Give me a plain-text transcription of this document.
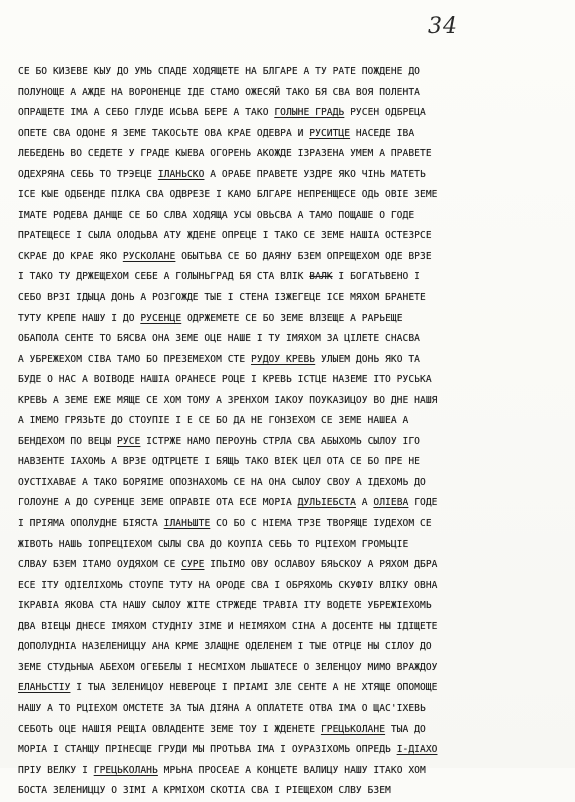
34
СЕ БО КИЗЕВЕ КЫУ ДО УМЬ СПАДЕ ХОДЯЩЕТЕ НА БЛГАРЕ А ТУ РАТЕ ПОЖДЕНЕ ДО
ПОЛУНОЩЕ А АЖДЕ НА ВОРОНЕНЦЕ ІДЕ СТАМО ОЖЕСЯЙ ТАКО БЯ СВА ВОЯ ПОЛЕНТА
ОПРАЩЕТЕ ІМА А СЕБО ГЛУДЕ ИСЬВА БЕРЕ А ТАКО ГОЛЫНЕ ГРАДЬ РУСЕН ОДБРЕЦА
ОПЕТЕ СВА ОДОНЕ Я ЗЕМЕ ТАКОСЬТЕ ОВА КРАЕ ОДЕВРА И РУСИТЦЕ НАСЕДЕ ІВА
ЛЕБЕДЕНЬ ВО СЕДЕТЕ У ГРАДЕ КЫЕВА ОГОРЕНЬ АКОЖДЕ ІЗРАЗЕНА УМЕМ А ПРАВЕТЕ
ОДЕХРЯНА СЕБЬ ТО ТРЭЕЦЕ ІЛАНЬСКО А ОРАБЕ ПРАВЕТЕ УЗДРЕ ЯКО ЧІНЬ МАТЕТЬ
ІСЕ КЫЕ ОДБЕНДЕ ПІЛКА СВА ОДВРЕЗЕ І КАМО БЛГАРЕ НЕПРЕНЩЕСЕ ОДЬ ОВІЕ ЗЕМЕ
ІМАТЕ РОДЕВА ДАНЩЕ СЕ БО СЛВА ХОДЯЩА УСЫ ОВЬСВА А ТАМО ПОЩАШЕ О ГОДЕ
ПРАТЕЩЕСЕ І СЫЛА ОЛОДЬВА АТУ ЖДЕНЕ ОПРЕЦЕ І ТАКО СЕ ЗЕМЕ НАШІА ОСТЕЗРСЕ
СКРАЕ ДО КРАЕ ЯКО РУСКОЛАНЕ ОБЫТЬВА СЕ БО ДАЯНУ БЗЕМ ОПРЕЩЕХОМ ОДЕ ВРЗЕ
І ТАКО ТУ ДРЖЕЩЕХОМ СЕБЕ А ГОЛЫНЬГРАД БЯ СТА ВЛІК ВАЛК І БОГАТЬВЕНО І
СЕБО ВРЗІ ІДЫЦА ДОНЬ А РОЗГОЖДЕ ТЫЕ І СТЕНА ІЗЖЕГЕЦЕ ІСЕ МЯХОМ БРАНЕТЕ
ТУТУ КРЕПЕ НАШУ І ДО РУСЕНЦЕ ОДРЖЕМЕТЕ СЕ БО ЗЕМЕ ВЛЗЕЩЕ А РАРЬЕЩЕ
ОБАПОЛА СЕНТЕ ТО БЯСВА ОНА ЗЕМЕ ОЦЕ НАШЕ І ТУ ІМЯХОМ ЗА ЦІЛЕТЕ СНАСВА
А УБРЕЖЕХОМ СІВА ТАМО БО ПРЕЗЕМЕХОМ СТЕ РУДОУ КРЕВЬ УЛЫЕМ ДОНЬ ЯКО ТА
БУДЕ О НАС А ВОІВОДЕ НАШІА ОРАНЕСЕ РОЦЕ І КРЕВЬ ІСТЦЕ НАЗЕМЕ ІТО РУСЬКА
КРЕВЬ А ЗЕМЕ ЕЖЕ МЯЩЕ СЕ ХОМ ТОМУ А ЗРЕНХОМ ІАКОУ ПОУКАЗИЦОУ ВО ДНЕ НАШЯ
А ІМЕМО ГРЯЗЬТЕ ДО СТОУПІЕ І Е СЕ БО ДА НЕ ГОНЗЕХОМ СЕ ЗЕМЕ НАШЕА А
БЕНДЕХОМ ПО ВЕЦЫ РУСЕ ІСТРЖЕ НАМО ПЕРОУНЬ СТРЛА СВА АБЫХОМЬ СЫЛОУ ІГО
НАВЗЕНТЕ ІАХОМЬ А ВРЗЕ ОДТРЦЕТЕ І БЯЩЬ ТАКО ВІЕК ЦЕЛ ОТА СЕ БО ПРЕ НЕ
ОУСТІХАВАЕ А ТАКО БОРЯІМЕ ОПОЗНАХОМЬ СЕ НА ОНА СЫЛОУ СВОУ А ІДЕХОМЬ ДО
ГОЛОУНЕ А ДО СУРЕНЦЕ ЗЕМЕ ОПРАВІЕ ОТА ЕСЕ МОРІА ДУЛЬІЕБСТА А ОЛІЕВА ГОДЕ
І ПРІЯМА ОПОЛУДНЕ БІЯСТА ІЛАНЬШТЕ СО БО С НІЕМА ТРЗЕ ТВОРЯЩЕ ІУДЕХОМ СЕ
ЖІВОТЬ НАШЬ ІОПРЕЦІЕХОМ СЫЛЫ СВА ДО КОУПІА СЕБЬ ТО РЦІЕХОМ ГРОМЬЦІЕ
СЛВАУ БЗЕМ ІТАМО ОУДЯХОМ СЕ СУРЕ ІПЬІМО ОВУ ОСЛАВОУ БЯЬСКОУ А РЯХОМ ДБРА
ЕСЕ ІТУ ОДІЕЛІХОМЬ СТОУПЕ ТУТУ НА ОРОДЕ СВА І ОБРЯХОМЬ СКУФІУ ВЛІКУ ОВНА
ІКРАВІА ЯКОВА СТА НАШУ СЫЛОУ ЖІТЕ СТРЖЕДЕ ТРАВІА ІТУ ВОДЕТЕ УБРЕЖІЕХОМЬ
ДВА ВІЕЦЫ ДНЕСЕ ІМЯХОМ СТУДНІУ ЗІМЕ И НЕІМЯХОМ СІНА А ДОСЕНТЕ НЫ ІДІЩЕТЕ
ДОПОЛУДНІА НАЗЕЛЕНИЦЦУ АНА КРМЕ ЗЛАЩНЕ ОДЕЛЕНЕМ І ТЫЕ ОТРЦЕ НЫ СІЛОУ ДО
ЗЕМЕ СТУДЬНЫА АБЕХОМ ОГЕБЕЛЫ І НЕСМІХОМ ЛЬШАТЕСЕ О ЗЕЛЕНЦОУ МИМО ВРАЖДОУ
ЕЛАНЬСТІУ І ТЫА ЗЕЛЕНИЦОУ НЕВЕРОЦЕ І ПРІАМІ ЗЛЕ СЕНТЕ А НЕ ХТЯЩЕ ОПОМОЩЕ
НАШУ А ТО РЦІЕХОМ ОМСТЕТЕ ЗА ТЫА ДІЯНА А ОПЛАТЕТЕ ОТВА ІМА О ЩАС'ІХЕВЬ
СЕБОТЬ ОЦЕ НАШІЯ РЕЩІА ОВЛАДЕНТЕ ЗЕМЕ ТОУ І ЖДЕНЕТЕ ГРЕЦЬКОЛАНЕ ТЫА ДО
МОРІА І СТАНЩУ ПРІНЕСЩЕ ГРУДИ МЫ ПРОТЬВА ІМА І ОУРАЗІХОМЬ ОПРЕДЬ І-ДІАХО
ПРІУ ВЕЛКУ І ГРЕЦЬКОЛАНЬ МРЬНА ПРОСЕАЕ А КОНЦЕТЕ ВАЛИЦУ НАШУ ІТАКО ХОМ
БОСТА ЗЕЛЕНИЦЦУ О ЗІМІ А КРМІХОМ СКОТІА СВА І РІЕЩЕХОМ СЛВУ БЗЕМ
